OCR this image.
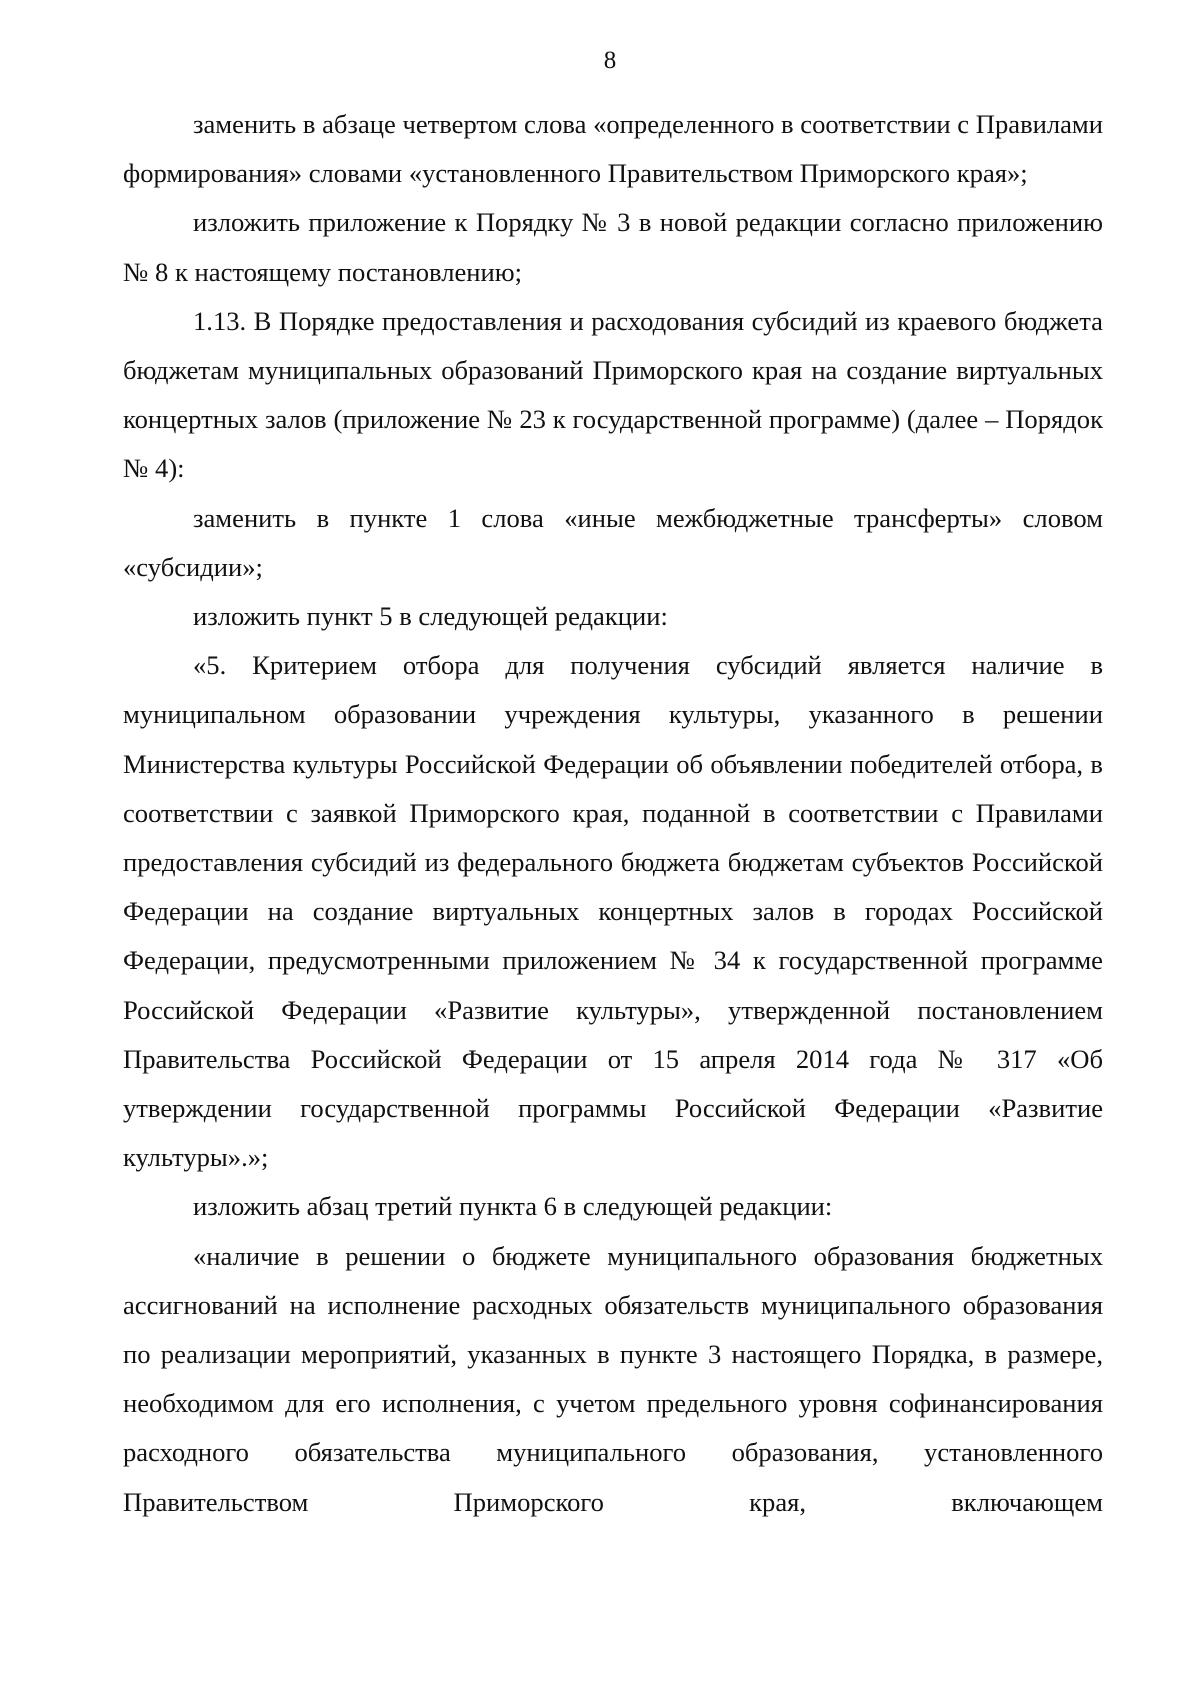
8

заменить в абзаце четвертом слова «определенного в соответствии с Правилами формирования» словами «установленного Правительством Приморского края»;

изложить приложение к Порядку № 3 в новой редакции согласно приложению № 8 к настоящему постановлению;

1.13. В Порядке предоставления и расходования субсидий из краевого бюджета бюджетам муниципальных образований Приморского края на создание виртуальных концертных залов (приложение № 23 к государственной программе) (далее – Порядок № 4):

заменить в пункте 1 слова «иные межбюджетные трансферты» словом «субсидии»;

изложить пункт 5 в следующей редакции:

«5. Критерием отбора для получения субсидий является наличие в муниципальном образовании учреждения культуры, указанного в решении Министерства культуры Российской Федерации об объявлении победителей отбора, в соответствии с заявкой Приморского края, поданной в соответствии с Правилами предоставления субсидий из федерального бюджета бюджетам субъектов Российской Федерации на создание виртуальных концертных залов в городах Российской Федерации, предусмотренными приложением № 34 к государственной программе Российской Федерации «Развитие культуры», утвержденной постановлением Правительства Российской Федерации от 15 апреля 2014 года № 317 «Об утверждении государственной программы Российской Федерации «Развитие культуры».»;

изложить абзац третий пункта 6 в следующей редакции:

«наличие в решении о бюджете муниципального образования бюджетных ассигнований на исполнение расходных обязательств муниципального образования по реализации мероприятий, указанных в пункте 3 настоящего Порядка, в размере, необходимом для его исполнения, с учетом предельного уровня софинансирования расходного обязательства муниципального образования, установленного Правительством Приморского края, включающем
